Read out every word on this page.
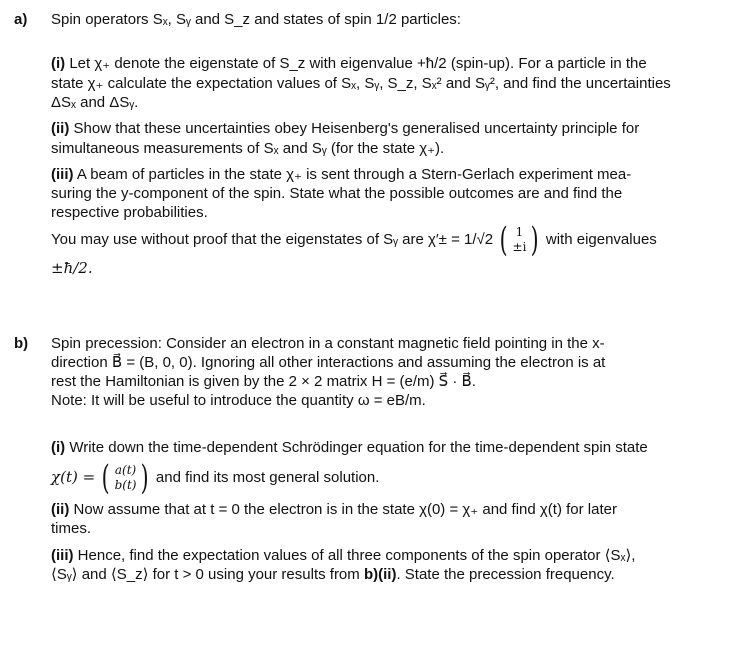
a) Spin operators Sₓ, Sᵧ and S_z and states of spin 1/2 particles:
(i) Let χ₊ denote the eigenstate of S_z with eigenvalue +ħ/2 (spin-up). For a particle in the
state χ₊ calculate the expectation values of Sₓ, Sᵧ, S_z, Sₓ² and Sᵧ², and find the uncertainties
ΔSₓ and ΔSᵧ.
(ii) Show that these uncertainties obey Heisenberg's generalised uncertainty principle for
simultaneous measurements of Sₓ and Sᵧ (for the state χ₊).
(iii) A beam of particles in the state χ₊ is sent through a Stern-Gerlach experiment mea-
suring the y-component of the spin. State what the possible outcomes are and find the
respective probabilities.
You may use without proof that the eigenstates of Sᵧ are χ′± = 1/√2 ( 1
±i ) with eigenvalues
±ħ/2.
b) Spin precession: Consider an electron in a constant magnetic field pointing in the x-
direction B⃗ = (B, 0, 0). Ignoring all other interactions and assuming the electron is at
rest the Hamiltonian is given by the 2 × 2 matrix H = (e/m) S⃗ · B⃗.
Note: It will be useful to introduce the quantity ω = eB/m.
(i) Write down the time-dependent Schrödinger equation for the time-dependent spin state
χ(t) = ( a(t)
b(t) ) and find its most general solution.
(ii) Now assume that at t = 0 the electron is in the state χ(0) = χ₊ and find χ(t) for later
times.
(iii) Hence, find the expectation values of all three components of the spin operator ⟨Sₓ⟩,
⟨Sᵧ⟩ and ⟨S_z⟩ for t > 0 using your results from b)(ii). State the precession frequency.
